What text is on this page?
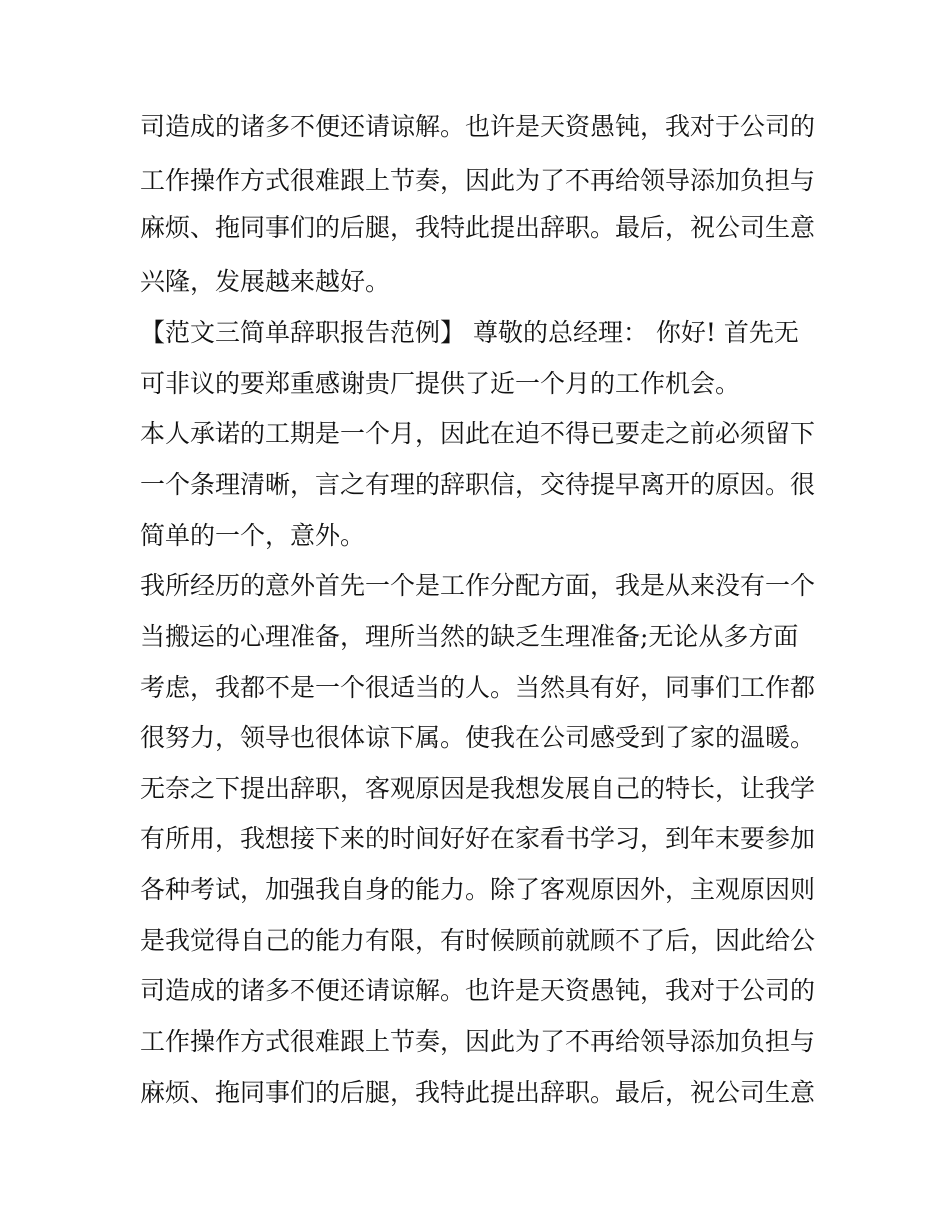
司造成的诸多不便还请谅解。也许是天资愚钝，我对于公司的

工作操作方式很难跟上节奏，因此为了不再给领导添加负担与

麻烦、拖同事们的后腿，我特此提出辞职。最后，祝公司生意

兴隆，发展越来越好。

【范文三简单辞职报告范例】 尊敬的总经理： 你好! 首先无

可非议的要郑重感谢贵厂提供了近一个月的工作机会。

本人承诺的工期是一个月，因此在迫不得已要走之前必须留下

一个条理清晰，言之有理的辞职信，交待提早离开的原因。很

简单的一个，意外。

我所经历的意外首先一个是工作分配方面，我是从来没有一个

当搬运的心理准备，理所当然的缺乏生理准备;无论从多方面

考虑，我都不是一个很适当的人。当然具有好，同事们工作都

很努力，领导也很体谅下属。使我在公司感受到了家的温暖。

无奈之下提出辞职，客观原因是我想发展自己的特长，让我学

有所用，我想接下来的时间好好在家看书学习，到年末要参加

各种考试，加强我自身的能力。除了客观原因外，主观原因则

是我觉得自己的能力有限，有时候顾前就顾不了后，因此给公

司造成的诸多不便还请谅解。也许是天资愚钝，我对于公司的

工作操作方式很难跟上节奏，因此为了不再给领导添加负担与

麻烦、拖同事们的后腿，我特此提出辞职。最后，祝公司生意
